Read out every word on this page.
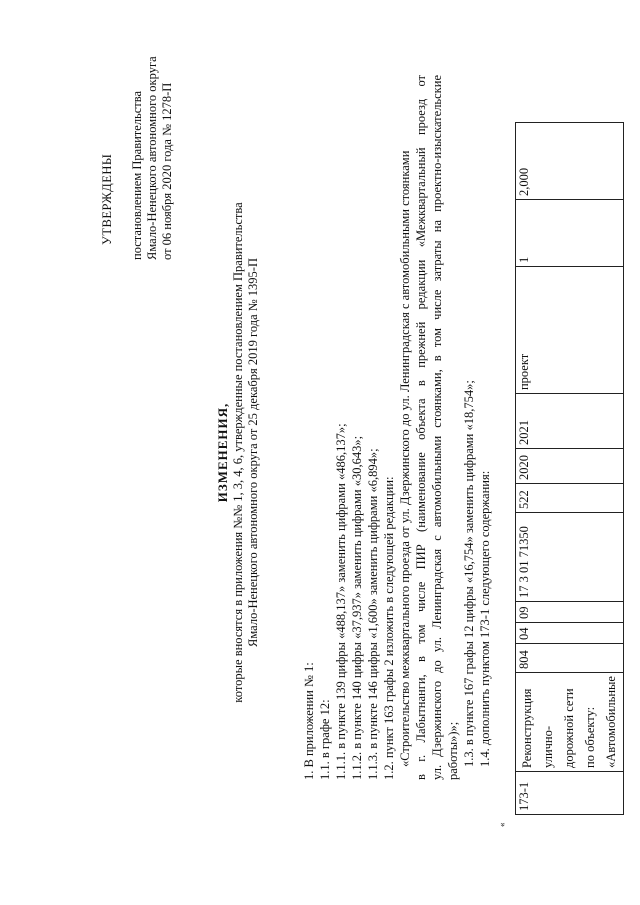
УТВЕРЖДЕНЫ постановлением Правительства Ямало-Ненецкого автономного округа от 06 ноября 2020 года № 1278-П
ИЗМЕНЕНИЯ, которые вносятся в приложения №№ 1, 3, 4, 6, утвержденные постановлением Правительства Ямало-Ненецкого автономного округа от 25 декабря 2019 года № 1395-П
1. В приложении № 1: 1.1. в графе 12: 1.1.1. в пункте 139 цифры «488,137» заменить цифрами «486,137»; 1.1.2. в пункте 140 цифры «37,937» заменить цифрами «30,643»; 1.1.3. в пункте 146 цифры «1,600» заменить цифрами «6,894»; 1.2. пункт 163 графы 2 изложить в следующей редакции: «Строительство межквартального проезда от ул. Дзержинского до ул. Ленинградская с автомобильными стоянками в г. Лабытнанги, в том числе ПИР (наименование объекта в прежней редакции «Межквартальный проезд от ул. Дзержинского до ул. Ленинградская с автомобильными стоянками, в том числе затраты на проектно-изыскательские работы»)»; 1.3. в пункте 167 графы 12 цифры «16,754» заменить цифрами «18,754»; 1.4. дополнить пунктом 173-1 следующего содержания:
«
173-1	Реконструкция улично-дорожной сети по объекту: «Автомобильные	804	04	09	17 3 01 71350	522	2020	2021	проект	1	2,000
